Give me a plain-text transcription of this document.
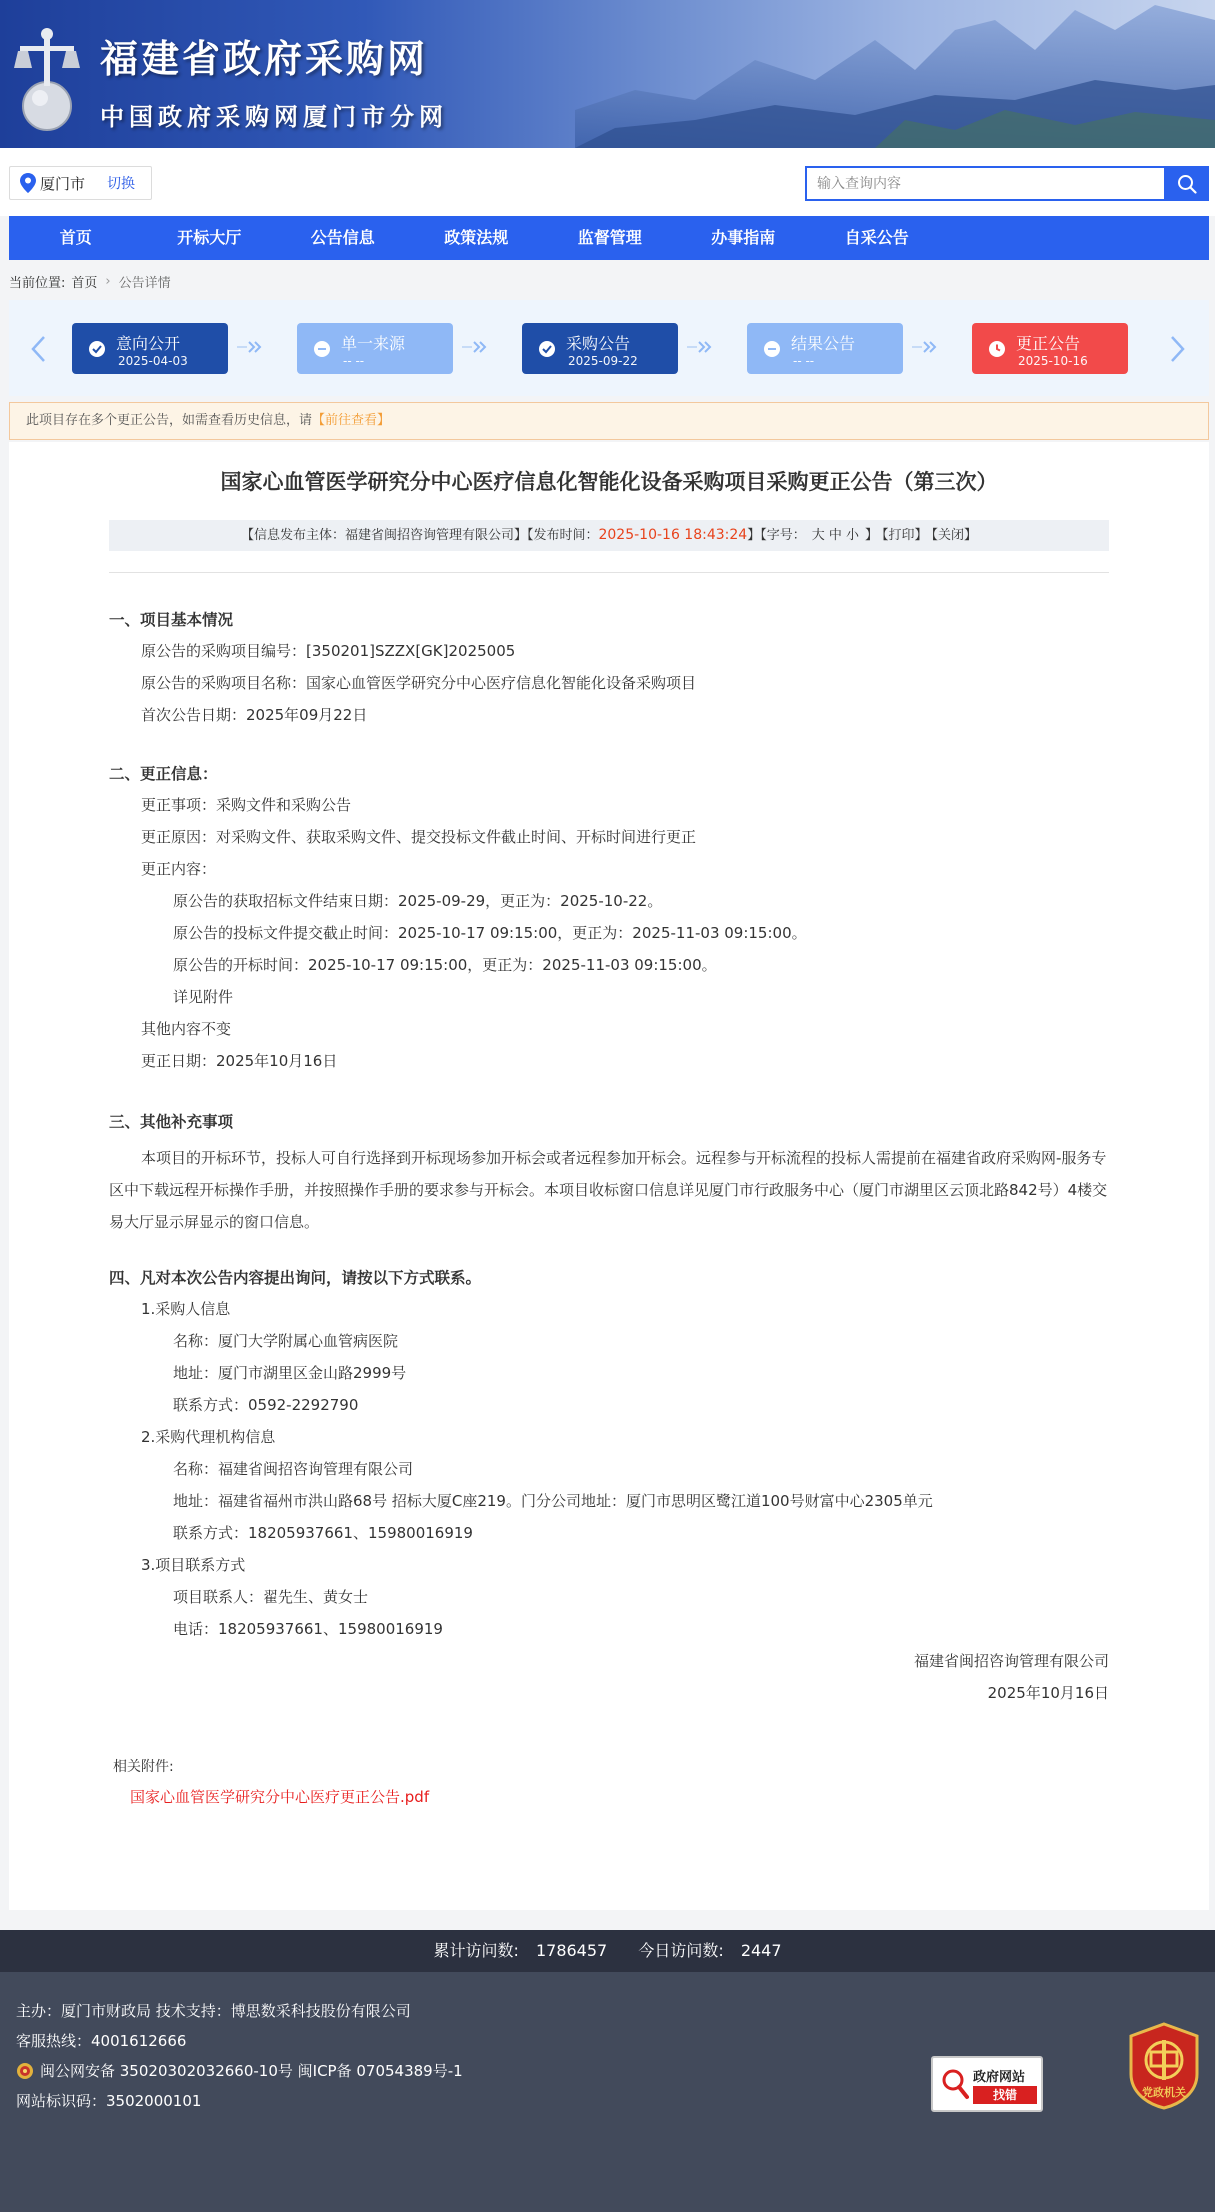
福建省政府采购网
中国政府采购网厦门市分网
厦门市 切换
输入查询内容
首页	开标大厅	公告信息	政策法规	监督管理	办事指南	自采公告
当前位置: 首页 › 公告详情
意向公开
2025-04-03
单一来源
-- --
采购公告
2025-09-22
结果公告
-- --
更正公告
2025-10-16
此项目存在多个更正公告，如需查看历史信息，请【前往查看】
国家心血管医学研究分中心医疗信息化智能化设备采购项目采购更正公告（第三次）
【信息发布主体：福建省闽招咨询管理有限公司】【发布时间：2025-10-16 18:43:24】【字号： 大 中 小 】 【打印】 【关闭】
一、项目基本情况
原公告的采购项目编号：[350201]SZZX[GK]2025005
原公告的采购项目名称：国家心血管医学研究分中心医疗信息化智能化设备采购项目
首次公告日期：2025年09月22日
二、更正信息：
更正事项：采购文件和采购公告
更正原因：对采购文件、获取采购文件、提交投标文件截止时间、开标时间进行更正
更正内容：
原公告的获取招标文件结束日期：2025-09-29，更正为：2025-10-22。
原公告的投标文件提交截止时间：2025-10-17 09:15:00，更正为：2025-11-03 09:15:00。
原公告的开标时间：2025-10-17 09:15:00，更正为：2025-11-03 09:15:00。
详见附件
其他内容不变
更正日期：2025年10月16日
三、其他补充事项
本项目的开标环节，投标人可自行选择到开标现场参加开标会或者远程参加开标会。远程参与开标流程的投标人需提前在福建省政府采购网-服务专区中下载远程开标操作手册，并按照操作手册的要求参与开标会。本项目收标窗口信息详见厦门市行政服务中心（厦门市湖里区云顶北路842号）4楼交易大厅显示屏显示的窗口信息。
四、凡对本次公告内容提出询问，请按以下方式联系。
1.采购人信息
名称：厦门大学附属心血管病医院
地址：厦门市湖里区金山路2999号
联系方式：0592-2292790
2.采购代理机构信息
名称：福建省闽招咨询管理有限公司
地址：福建省福州市洪山路68号 招标大厦C座219。门分公司地址：厦门市思明区鹭江道100号财富中心2305单元
联系方式：18205937661、15980016919
3.项目联系方式
项目联系人：翟先生、黄女士
电话：18205937661、15980016919
福建省闽招咨询管理有限公司
2025年10月16日
相关附件:
国家心血管医学研究分中心医疗更正公告.pdf
累计访问数: 1786457 今日访问数: 2447
主办：厦门市财政局 技术支持：博思数采科技股份有限公司
客服热线：4001612666
闽公网安备 35020302032660-10号 闽ICP备 07054389号-1
网站标识码：3502000101
政府网站
找错	党政机关
